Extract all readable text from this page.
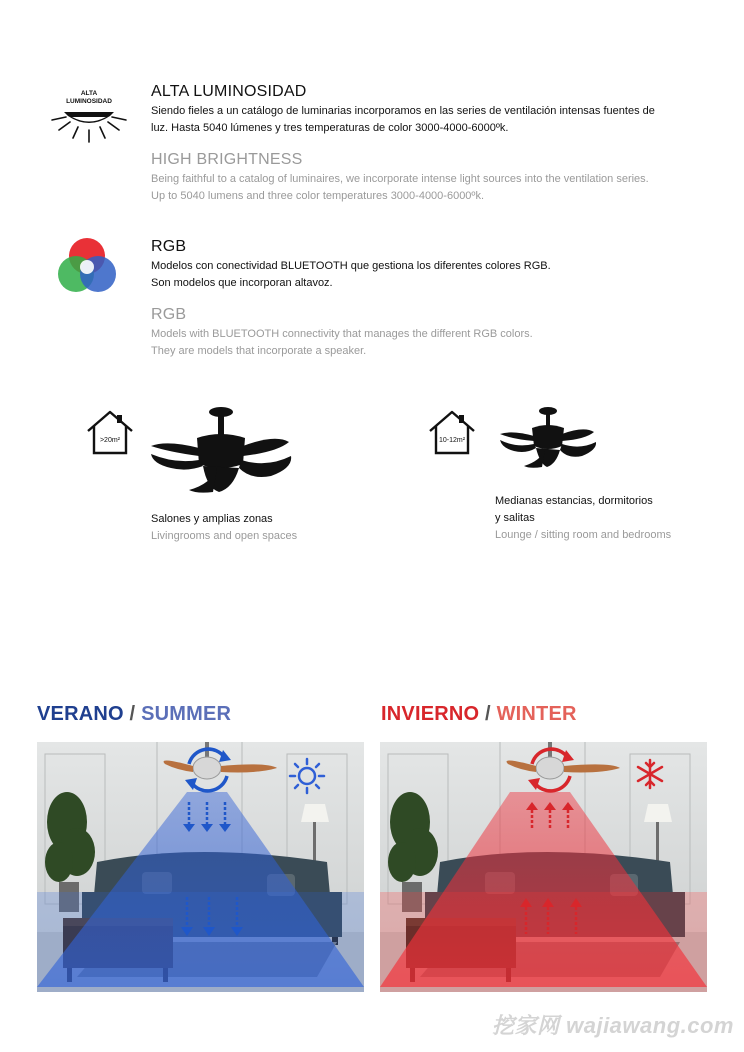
ALTA
LUMINOSIDAD
ALTA LUMINOSIDAD
Siendo fieles a un catálogo de luminarias incorporamos en las series de ventilación intensas fuentes de
luz. Hasta 5040 lúmenes y tres temperaturas de color 3000-4000-6000ºk.
HIGH BRIGHTNESS
Being faithful to a catalog of luminaires, we incorporate intense light sources into the ventilation series.
Up to 5040 lumens and three color temperatures 3000-4000-6000ºk.
RGB
Modelos con conectividad BLUETOOTH que gestiona los diferentes colores RGB.
Son modelos que incorporan altavoz.
RGB
Models with BLUETOOTH connectivity that manages the different RGB colors.
They are models that incorporate a speaker.
>20m²
Salones y amplias zonas
Livingrooms and open spaces
10-12m²
Medianas estancias, dormitorios
y salitas
Lounge / sitting room and bedrooms
VERANO / SUMMER	INVIERNO / WINTER
挖家网 wajiawang.com
